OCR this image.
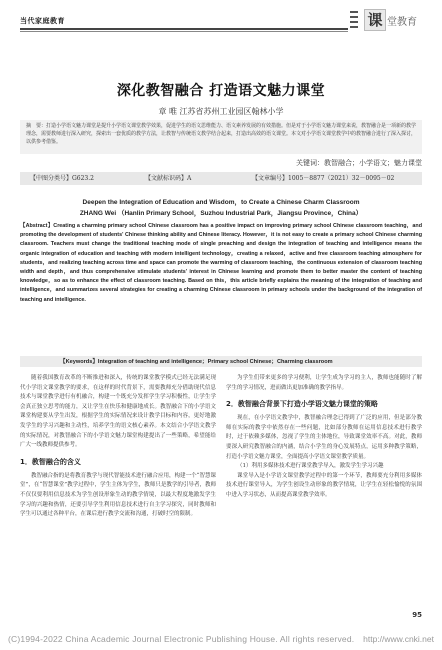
当代家庭教育	课 堂教育
深化教智融合 打造语文魅力课堂
章 唯 江苏省苏州工业园区翰林小学
摘　要：打造小学语文魅力课堂是提升小学语文课堂教学效果，促进学生的语文思维能力、语文素养发展的有效措施。但是对于小学语文魅力课堂来说，教智融合是一项新的教学理念，需要教师进行深入研究，探索出一套优质的教学方法，让教智与传统语文教学结合起来，打造出高效的语文课堂。本文对小学语文课堂教学中的教智融合进行了深入探讨，以供参考借鉴。
关键词：教智融合；小学语文；魅力课堂
【中图分类号】G623.2	【文献标识码】A	【文章编号】1005－8877（2021）32－0095－02
Deepen the Integration of Education and Wisdom，to Create a Chinese Charm Classroom
ZHANG Wei （Hanlin Primary School，Suzhou Industrial Park，Jiangsu Province，China）
【Abstract】Creating a charming primary school Chinese classroom has a positive impact on improving primary school Chinese classroom teaching，and promoting the development of students' Chinese thinking ability and Chinese literacy. However，it is not easy to create a primary school Chinese charming classroom. Teachers must change the traditional teaching mode of single preaching and design the integration of teaching and intelligence means the organic integration of education and teaching with modern intelligent technology，creating a relaxed，active and free classroom teaching atmosphere for students，and realizing teaching across time and space can promote the warming of classroom teaching，the continuous extension of classroom teaching width and depth，and thus comprehensive stimulate students' interest in Chinese learning and promote them to better master the content of teaching knowledge，so as to enhance the effect of classroom teaching. Based on this，this article briefly explains the meaning of the integration of teaching and intelligence，and summarizes several strategies for creating a charming Chinese classroom in primary schools under the background of the integration of teaching and intelligence.
【Keywords】Integration of teaching and intelligence；Primary school Chinese；Charming classroom

随着我国教育改革的不断推进和深入，传统的课堂教学模式已经无法满足现代小学语文课堂教学的要求，在这样的时代背景下，需要教师充分借助现代信息技术与课堂教学进行有机融合，构建一个既充分发挥学生学习积极性，让学生学会真正独立思考的能力，又让学生在快乐和健康地成长。教智融合下的小学语文课堂构建要从学生出发，根据学生的实际情况来设计教学目标和内容，更好地激发学生的学习兴趣和主动性，培养学生的语文核心素养。本文结合小学语文教学的实际情况，对教智融合下的小学语文魅力课堂构建提出了一些策略，希望能给广大一线教师提供参考。

1．教智融合的含义

教智融合指的是将教育教学与现代智能技术进行融合应用，构建一个“智慧课堂”，在“智慧课堂”教学过程中，学生主体为学生，教师只是教学的引导者，教师不仅仅要利用信息技术为学生创设形象生动的教学情境，以最大程度地激发学生学习的兴趣和热情，还要引导学生利用信息技术进行自主学习探究，同时教师和学生可以通过各种平台，在课后进行教学交流和沟通，打破时空的限制。

为学生们带来更多的学习便利，让学生成为学习的主人，教师也能随时了解学生的学习情况，进而做出更加准确的教学指导。

2．教智融合背景下打造小学语文魅力课堂的策略

现在，在小学语文教学中，教智融合理念已得到了广泛的应用，但是部分教师在实际的教学中依然存在一些问题，比如部分教师在运用信息技术进行教学时，过于依赖多媒体，忽视了学生的主体地位，导致课堂效率不高。对此，教师要深入研究教智融合的内涵，结合小学生的身心发展特点，运用多种教学策略，打造小学语文魅力课堂，全面提高小学语文课堂教学质量。

（1）利用多媒体技术进行课堂教学导入，激发学生学习兴趣

课堂导入是小学语文课堂教学过程中的第一个环节，教师要充分利用多媒体技术进行课堂导入，为学生创设生动形象的教学情境，让学生在轻松愉悦的氛围中进入学习状态，从而提高课堂教学效率。

95
(C)1994-2022 China Academic Journal Electronic Publishing House. All rights reserved. http://www.cnki.net
